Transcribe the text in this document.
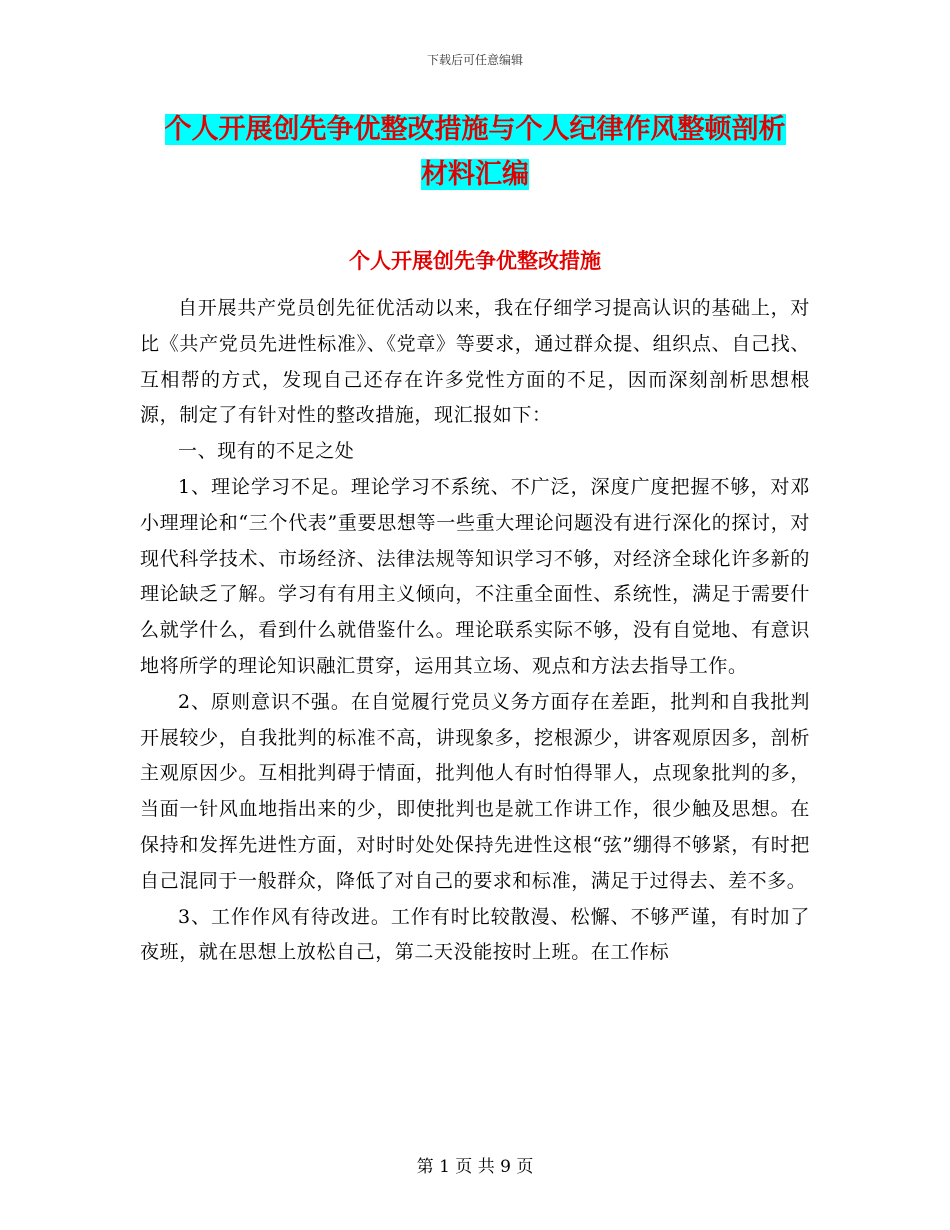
下载后可任意编辑
个人开展创先争优整改措施与个人纪律作风整顿剖析
材料汇编
个人开展创先争优整改措施

自开展共产党员创先征优活动以来，我在仔细学习提高认识的基础上，对比《共产党员先进性标准》、《党章》等要求，通过群众提、组织点、自己找、互相帮的方式，发现自己还存在许多党性方面的不足，因而深刻剖析思想根源，制定了有针对性的整改措施，现汇报如下：

一、现有的不足之处

1、理论学习不足。理论学习不系统、不广泛，深度广度把握不够，对邓小理理论和“三个代表”重要思想等一些重大理论问题没有进行深化的探讨，对现代科学技术、市场经济、法律法规等知识学习不够，对经济全球化许多新的理论缺乏了解。学习有有用主义倾向，不注重全面性、系统性，满足于需要什么就学什么，看到什么就借鉴什么。理论联系实际不够，没有自觉地、有意识地将所学的理论知识融汇贯穿，运用其立场、观点和方法去指导工作。

2、原则意识不强。在自觉履行党员义务方面存在差距，批判和自我批判开展较少，自我批判的标准不高，讲现象多，挖根源少，讲客观原因多，剖析主观原因少。互相批判碍于情面，批判他人有时怕得罪人，点现象批判的多，当面一针风血地指出来的少，即使批判也是就工作讲工作，很少触及思想。在保持和发挥先进性方面，对时时处处保持先进性这根“弦”绷得不够紧，有时把自己混同于一般群众，降低了对自己的要求和标准，满足于过得去、差不多。

3、工作作风有待改进。工作有时比较散漫、松懈、不够严谨，有时加了夜班，就在思想上放松自己，第二天没能按时上班。在工作标

第 1 页 共 9 页
